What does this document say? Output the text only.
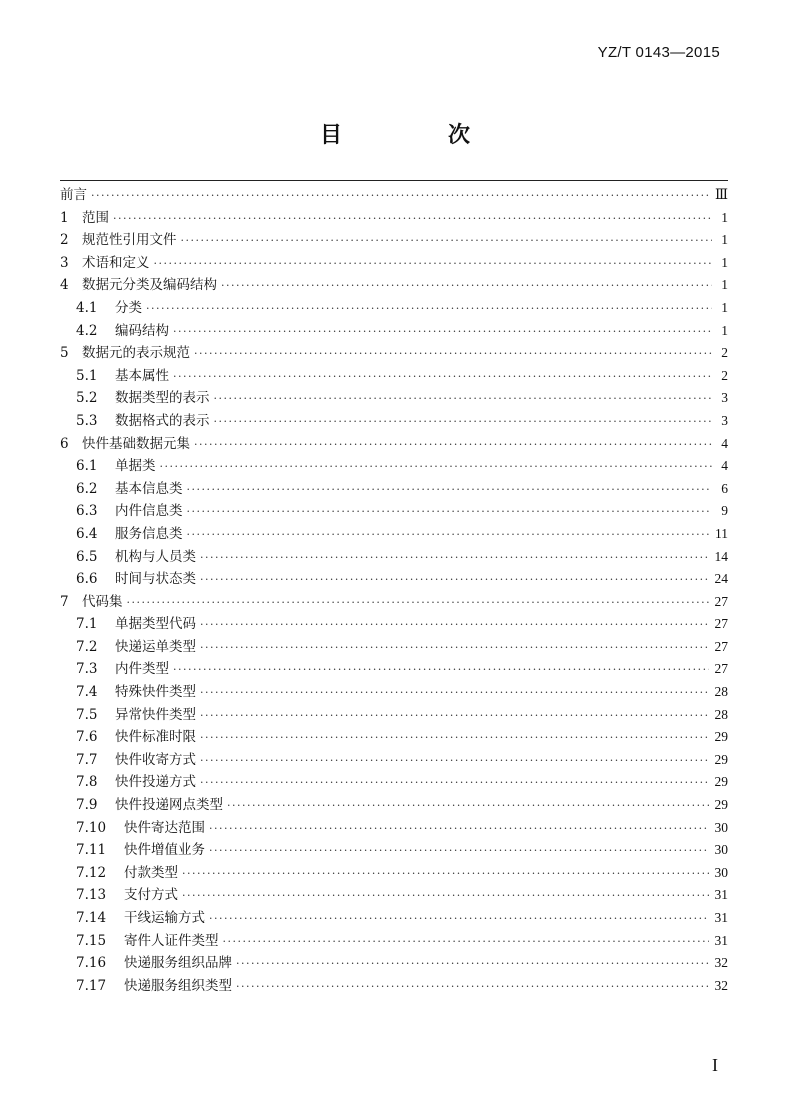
YZ/T 0143—2015
目　次
前言 ·····	Ⅲ
1 范围 ·····	1
2 规范性引用文件 ·····	1
3 术语和定义 ·····	1
4 数据元分类及编码结构 ·····	1
4.1	分类 ·····	1
4.2	编码结构 ·····	1
5 数据元的表示规范 ·····	2
5.1	基本属性 ·····	2
5.2	数据类型的表示 ·····	3
5.3	数据格式的表示 ·····	3
6 快件基础数据元集 ·····	4
6.1	单据类 ·····	4
6.2	基本信息类 ·····	6
6.3	内件信息类 ·····	9
6.4	服务信息类 ·····	11
6.5	机构与人员类 ·····	14
6.6	时间与状态类 ·····	24
7 代码集 ·····	27
7.1	单据类型代码 ·····	27
7.2	快递运单类型 ·····	27
7.3	内件类型 ·····	27
7.4	特殊快件类型 ·····	28
7.5	异常快件类型 ·····	28
7.6	快件标准时限 ·····	29
7.7	快件收寄方式 ·····	29
7.8	快件投递方式 ·····	29
7.9	快件投递网点类型 ·····	29
7.10	快件寄达范围 ·····	30
7.11	快件增值业务 ·····	30
7.12	付款类型 ·····	30
7.13	支付方式 ·····	31
7.14	干线运输方式 ·····	31
7.15	寄件人证件类型 ·····	31
7.16	快递服务组织品牌 ·····	32
7.17	快递服务组织类型 ·····	32
I
